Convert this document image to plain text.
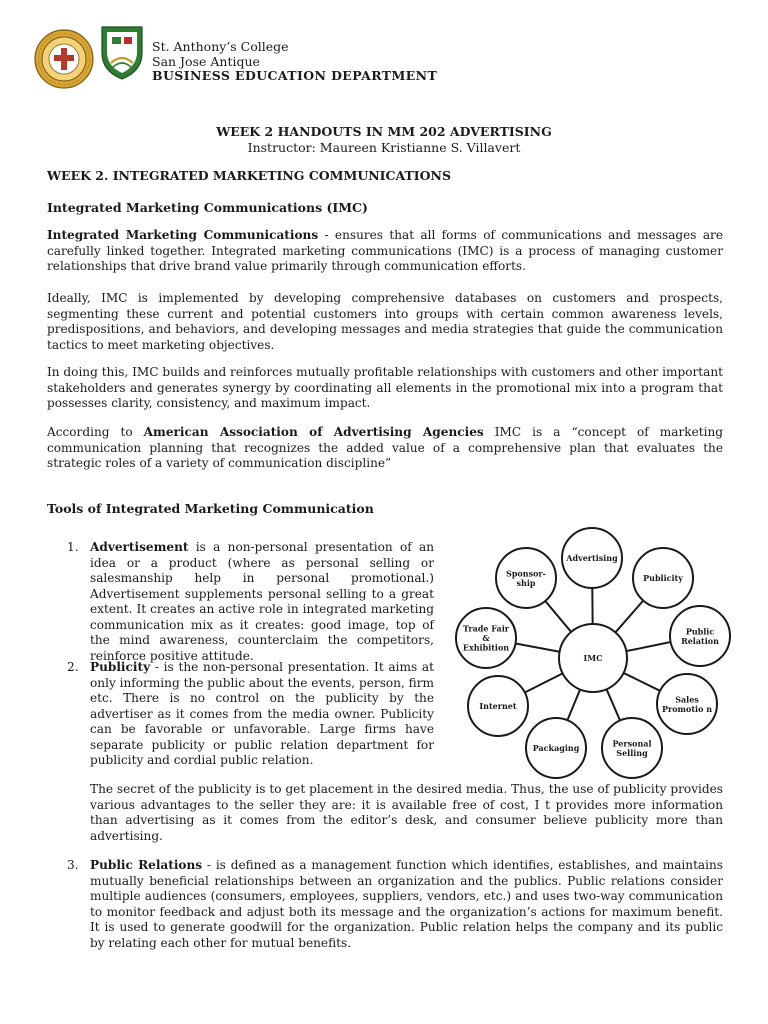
St. Anthony’s College
San Jose Antique
BUSINESS EDUCATION DEPARTMENT
WEEK 2 HANDOUTS IN MM 202 ADVERTISING
Instructor: Maureen Kristianne S. Villavert
WEEK 2. INTEGRATED MARKETING COMMUNICATIONS
Integrated Marketing Communications (IMC)

Integrated Marketing Communications - ensures that all forms of communications and messages are carefully linked together. Integrated marketing communications (IMC) is a process of managing customer relationships that drive brand value primarily through communication efforts.

Ideally, IMC is implemented by developing comprehensive databases on customers and prospects, segmenting these current and potential customers into groups with certain common awareness levels, predispositions, and behaviors, and developing messages and media strategies that guide the communication tactics to meet marketing objectives.

In doing this, IMC builds and reinforces mutually profitable relationships with customers and other important stakeholders and generates synergy by coordinating all elements in the promotional mix into a program that possesses clarity, consistency, and maximum impact.

According to American Association of Advertising Agencies IMC is a “concept of marketing communication planning that recognizes the added value of a comprehensive plan that evaluates the strategic roles of a variety of communication discipline”

Tools of Integrated Marketing Communication
1. Advertisement is a non-personal presentation of an idea or a product (where as personal selling or salesmanship help in personal promotional.) Advertisement supplements personal selling to a great extent. It creates an active role in integrated marketing communication mix as it creates: good image, top of the mind awareness, counterclaim the competitors, reinforce positive attitude.

2. Publicity - is the non-personal presentation. It aims at only informing the public about the events, person, firm etc. There is no control on the publicity by the advertiser as it comes from the media owner. Publicity can be favorable or unfavorable. Large firms have separate publicity or public relation department for publicity and cordial public relation.

The secret of the publicity is to get placement in the desired media. Thus, the use of publicity provides various advantages to the seller they are: it is available free of cost, I t provides more information than advertising as it comes from the editor’s desk, and consumer believe publicity more than advertising.

3. Public Relations - is defined as a management function which identifies, establishes, and maintains mutually beneficial relationships between an organization and the publics. Public relations consider multiple audiences (consumers, employees, suppliers, vendors, etc.) and uses two-way communication to monitor feedback and adjust both its message and the organization’s actions for maximum benefit. It is used to generate goodwill for the organization. Public relation helps the company and its public by relating each other for mutual benefits.

IMC
Advertising
Publicity
Public
Relation
Sales
Promotio n
Personal
Selling
Packaging
Internet
Trade Fair
&
Exhibition
Sponsor-
ship
